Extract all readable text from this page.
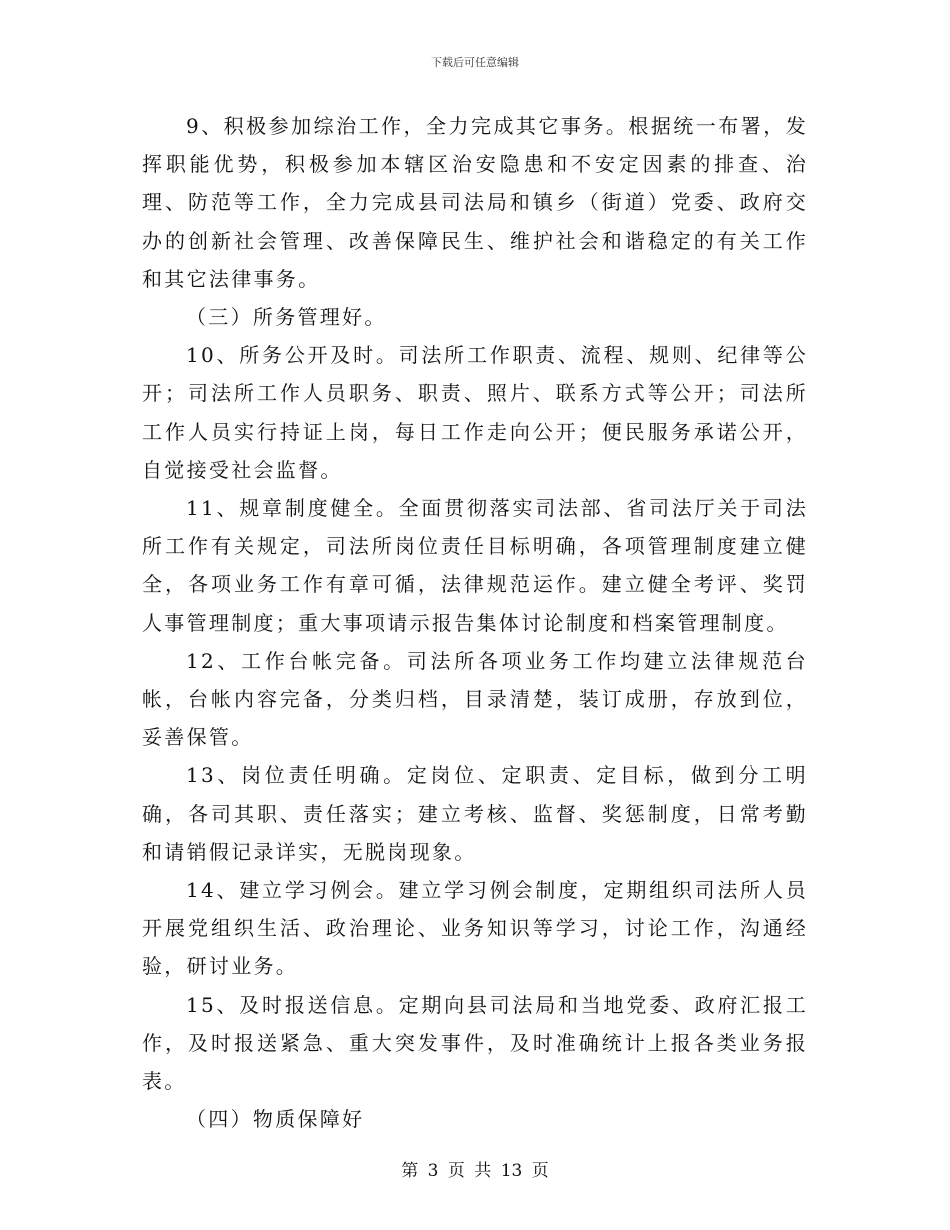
下载后可任意编辑

9、积极参加综治工作，全力完成其它事务。根据统一布署，发挥职能优势，积极参加本辖区治安隐患和不安定因素的排查、治理、防范等工作，全力完成县司法局和镇乡（街道）党委、政府交办的创新社会管理、改善保障民生、维护社会和谐稳定的有关工作和其它法律事务。

（三）所务管理好。

10、所务公开及时。司法所工作职责、流程、规则、纪律等公开；司法所工作人员职务、职责、照片、联系方式等公开；司法所工作人员实行持证上岗，每日工作走向公开；便民服务承诺公开，自觉接受社会监督。

11、规章制度健全。全面贯彻落实司法部、省司法厅关于司法所工作有关规定，司法所岗位责任目标明确，各项管理制度建立健全，各项业务工作有章可循，法律规范运作。建立健全考评、奖罚人事管理制度；重大事项请示报告集体讨论制度和档案管理制度。

12、工作台帐完备。司法所各项业务工作均建立法律规范台帐，台帐内容完备，分类归档，目录清楚，装订成册，存放到位，妥善保管。

13、岗位责任明确。定岗位、定职责、定目标，做到分工明确，各司其职、责任落实；建立考核、监督、奖惩制度，日常考勤和请销假记录详实，无脱岗现象。

14、建立学习例会。建立学习例会制度，定期组织司法所人员开展党组织生活、政治理论、业务知识等学习，讨论工作，沟通经验，研讨业务。

15、及时报送信息。定期向县司法局和当地党委、政府汇报工作，及时报送紧急、重大突发事件，及时准确统计上报各类业务报表。

（四）物质保障好

第 3 页 共 13 页
